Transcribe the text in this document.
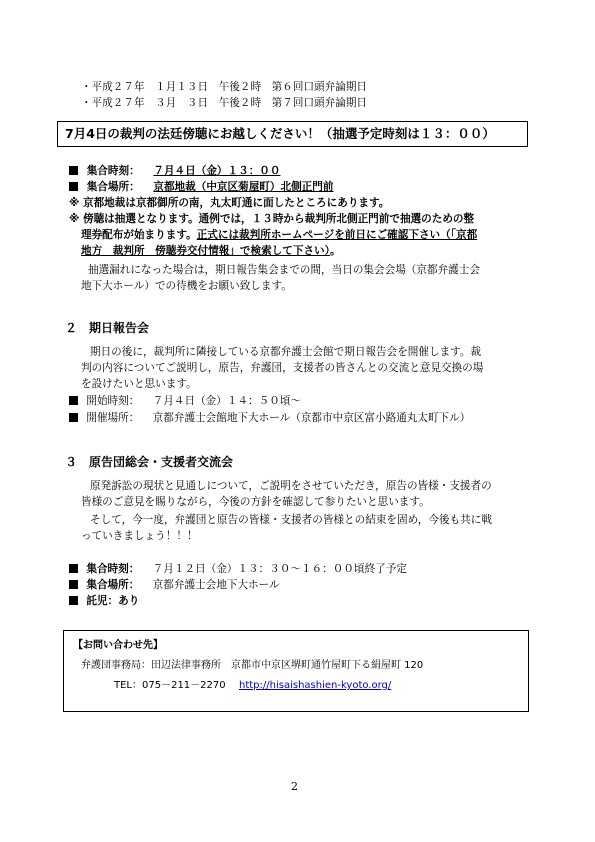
・平成２７年　１月１３日　午後２時　第６回口頭弁論期日
・平成２７年　３月　３日　午後２時　第７回口頭弁論期日
7月4日の裁判の法廷傍聴にお越しください！（抽選予定時刻は１３：００）
集合時刻： ７月４日（金）１３：００
集合場所： 京都地裁（中京区菊屋町）北側正門前
※ 京都地裁は京都御所の南，丸太町通に面したところにあります。
※ 傍聴は抽選となります。通例では，１３時から裁判所北側正門前で抽選のための整
理券配布が始まります。正式には裁判所ホームページを前日にご確認下さい（「京都
地方　裁判所　傍聴券交付情報」で検索して下さい）。
抽選漏れになった場合は，期日報告集会までの間，当日の集会会場（京都弁護士会
地下大ホール）での待機をお願い致します。
２　期日報告会
期日の後に，裁判所に隣接している京都弁護士会館で期日報告会を開催します。裁
判の内容についてご説明し，原告，弁護団，支援者の皆さんとの交流と意見交換の場
を設けたいと思います。
開始時刻： ７月４日（金）１４：５０頃～
開催場所： 京都弁護士会館地下大ホール（京都市中京区富小路通丸太町下ル）
３　原告団総会・支援者交流会
原発訴訟の現状と見通しについて，ご説明をさせていただき，原告の皆様・支援者の
皆様のご意見を賜りながら，今後の方針を確認して参りたいと思います。
そして，今一度，弁護団と原告の皆様・支援者の皆様との結束を固め，今後も共に戦
っていきましょう！！！
集合時刻： ７月１２日（金）１３：３０～１６：００頃終了予定
集合場所： 京都弁護士会地下大ホール
託児：あり
【お問い合わせ先】
弁護団事務局：田辺法律事務所　京都市中京区堺町通竹屋町下る絹屋町 120
TEL：075－211－2270 http://hisaishashien-kyoto.org/
2
